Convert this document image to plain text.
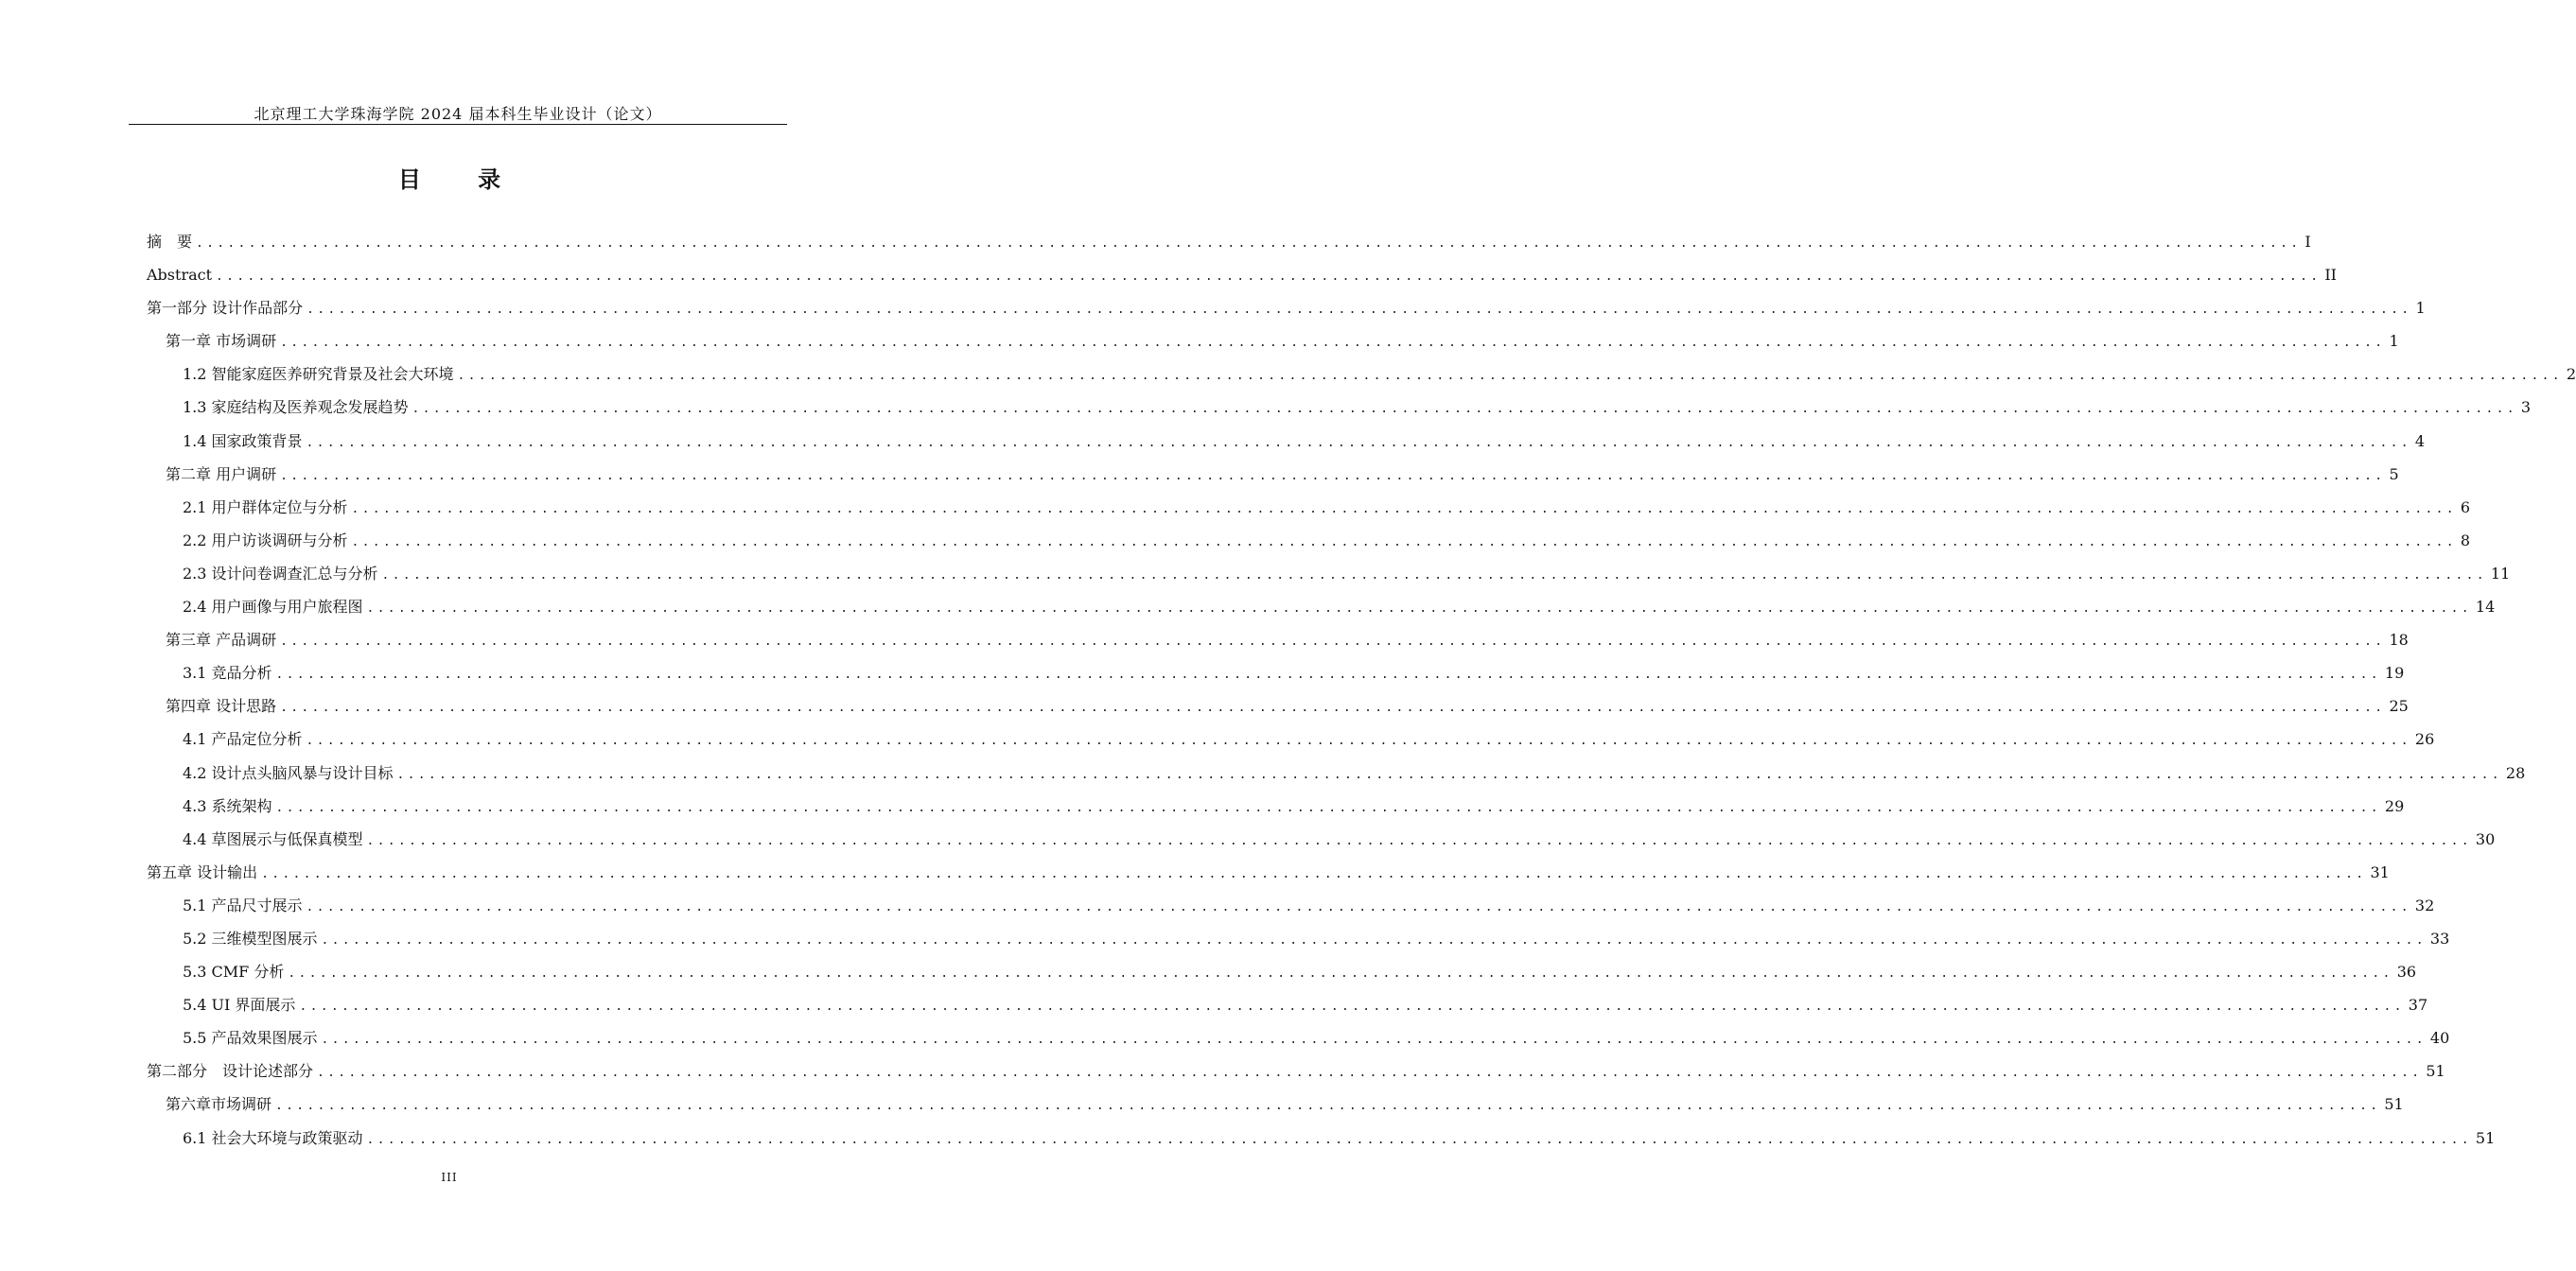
北京理工大学珠海学院 2024 届本科生毕业设计（论文）
目 录
摘　要 ........................................................................................................................................................................................................ I
Abstract ........................................................................................................................................................................................................ II
第一部分 设计作品部分 ........................................................................................................................................................................................................ 1
第一章 市场调研 ........................................................................................................................................................................................................ 1
1.2 智能家庭医养研究背景及社会大环境 ........................................................................................................................................................................................................ 2
1.3 家庭结构及医养观念发展趋势 ........................................................................................................................................................................................................ 3
1.4 国家政策背景 ........................................................................................................................................................................................................ 4
第二章 用户调研 ........................................................................................................................................................................................................ 5
2.1 用户群体定位与分析 ........................................................................................................................................................................................................ 6
2.2 用户访谈调研与分析 ........................................................................................................................................................................................................ 8
2.3 设计问卷调查汇总与分析 ........................................................................................................................................................................................................ 11
2.4 用户画像与用户旅程图 ........................................................................................................................................................................................................ 14
第三章 产品调研 ........................................................................................................................................................................................................ 18
3.1 竞品分析 ........................................................................................................................................................................................................ 19
第四章 设计思路 ........................................................................................................................................................................................................ 25
4.1 产品定位分析 ........................................................................................................................................................................................................ 26
4.2 设计点头脑风暴与设计目标 ........................................................................................................................................................................................................ 28
4.3 系统架构 ........................................................................................................................................................................................................ 29
4.4 草图展示与低保真模型 ........................................................................................................................................................................................................ 30
第五章 设计输出 ........................................................................................................................................................................................................ 31
5.1 产品尺寸展示 ........................................................................................................................................................................................................ 32
5.2 三维模型图展示 ........................................................................................................................................................................................................ 33
5.3 CMF 分析 ........................................................................................................................................................................................................ 36
5.4 UI 界面展示 ........................................................................................................................................................................................................ 37
5.5 产品效果图展示 ........................................................................................................................................................................................................ 40
第二部分　设计论述部分 ........................................................................................................................................................................................................ 51
第六章市场调研 ........................................................................................................................................................................................................ 51
6.1 社会大环境与政策驱动 ........................................................................................................................................................................................................ 51
III
